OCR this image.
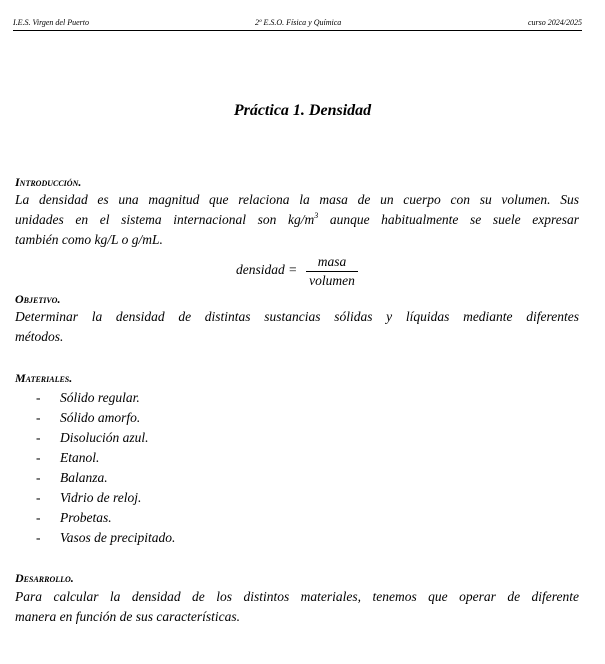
I.E.S. Virgen del Puerto	2º E.S.O. Física y Química	curso 2024/2025
Práctica 1. Densidad
Introducción.
La densidad es una magnitud que relaciona la masa de un cuerpo con su volumen. Sus
unidades en el sistema internacional son $kg/m^3$ aunque habitualmente se suele expresar
también como kg/L o g/mL.
densidad =
masa
volumen
Objetivo.
Determinar la densidad de distintas sustancias sólidas y líquidas mediante diferentes
métodos.
Materiales.
- Sólido regular.
- Sólido amorfo.
- Disolución azul.
- Etanol.
- Balanza.
- Vidrio de reloj.
- Probetas.
- Vasos de precipitado.
Desarrollo.
Para calcular la densidad de los distintos materiales, tenemos que operar de diferente
manera en función de sus características.
